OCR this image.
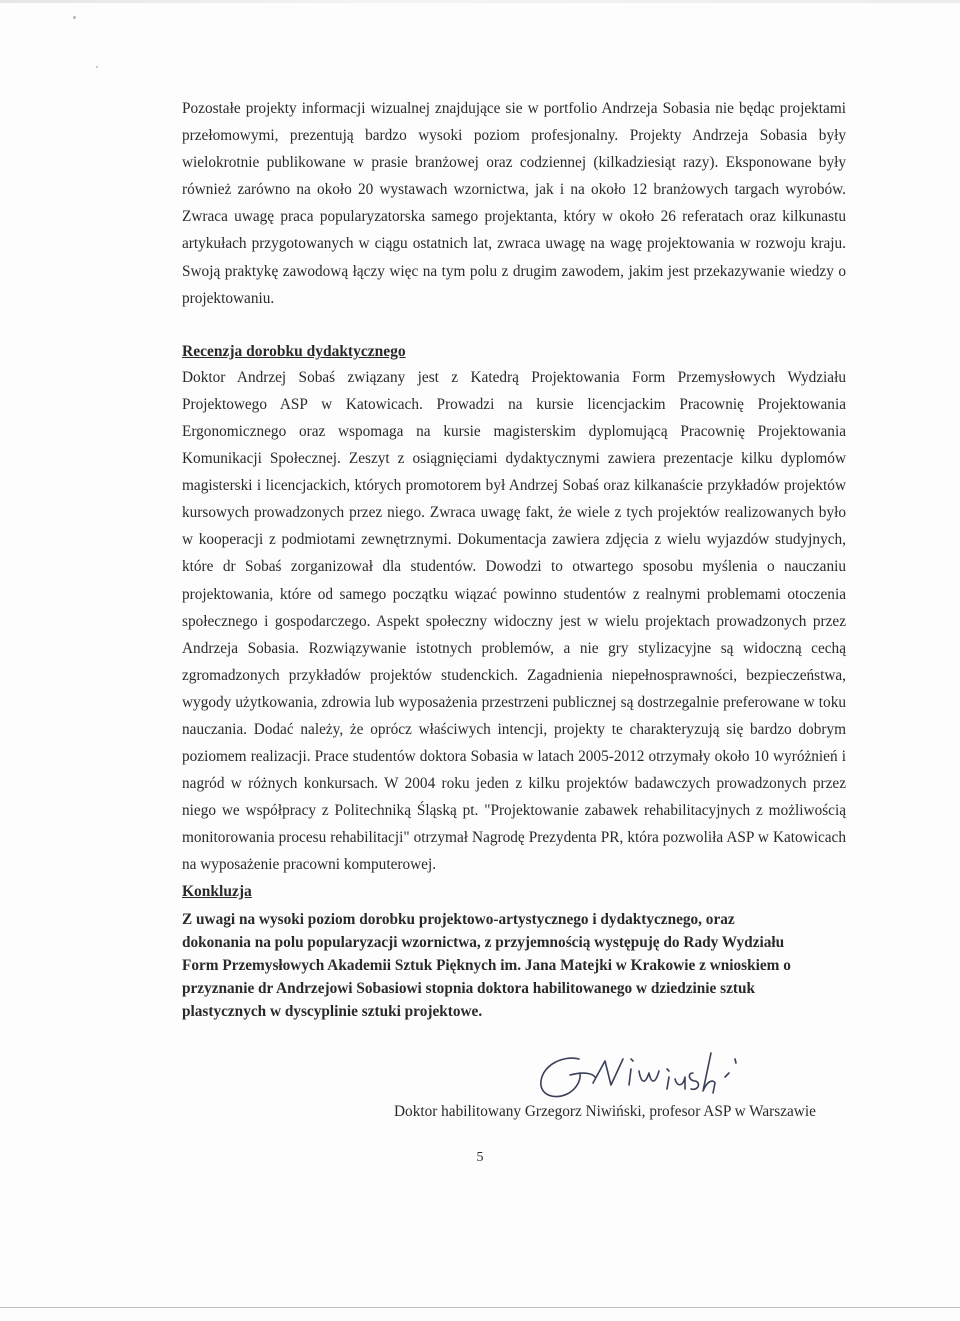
Pozostałe projekty informacji wizualnej znajdujące sie w portfolio Andrzeja Sobasia nie będąc projektami przełomowymi, prezentują bardzo wysoki poziom profesjonalny. Projekty Andrzeja Sobasia były wielokrotnie publikowane w prasie branżowej oraz codziennej (kilkadziesiąt razy). Eksponowane były również zarówno na około 20 wystawach wzornictwa, jak i na około 12 branżowych targach wyrobów. Zwraca uwagę praca popularyzatorska samego projektanta, który w około 26 referatach oraz kilkunastu artykułach przygotowanych w ciągu ostatnich lat, zwraca uwagę na wagę projektowania w rozwoju kraju. Swoją praktykę zawodową łączy więc na tym polu z drugim zawodem, jakim jest przekazywanie wiedzy o projektowaniu.

Recenzja dorobku dydaktycznego

Doktor Andrzej Sobaś związany jest z Katedrą Projektowania Form Przemysłowych Wydziału Projektowego ASP w Katowicach. Prowadzi na kursie licencjackim Pracownię Projektowania Ergonomicznego oraz wspomaga na kursie magisterskim dyplomującą Pracownię Projektowania Komunikacji Społecznej. Zeszyt z osiągnięciami dydaktycznymi zawiera prezentacje kilku dyplomów magisterski i licencjackich, których promotorem był Andrzej Sobaś oraz kilkanaście przykładów projektów kursowych prowadzonych przez niego. Zwraca uwagę fakt, że wiele z tych projektów realizowanych było w kooperacji z podmiotami zewnętrznymi. Dokumentacja zawiera zdjęcia z wielu wyjazdów studyjnych, które dr Sobaś zorganizował dla studentów. Dowodzi to otwartego sposobu myślenia o nauczaniu projektowania, które od samego początku wiązać powinno studentów z realnymi problemami otoczenia społecznego i gospodarczego. Aspekt społeczny widoczny jest w wielu projektach prowadzonych przez Andrzeja Sobasia. Rozwiązywanie istotnych problemów, a nie gry stylizacyjne są widoczną cechą zgromadzonych przykładów projektów studenckich. Zagadnienia niepełnosprawności, bezpieczeństwa, wygody użytkowania, zdrowia lub wyposażenia przestrzeni publicznej są dostrzegalnie preferowane w toku nauczania. Dodać należy, że oprócz właściwych intencji, projekty te charakteryzują się bardzo dobrym poziomem realizacji. Prace studentów doktora Sobasia w latach 2005-2012 otrzymały około 10 wyróżnień i nagród w różnych konkursach. W 2004 roku jeden z kilku projektów badawczych prowadzonych przez niego we współpracy z Politechniką Śląską pt. "Projektowanie zabawek rehabilitacyjnych z możliwością monitorowania procesu rehabilitacji" otrzymał Nagrodę Prezydenta PR, która pozwoliła ASP w Katowicach na wyposażenie pracowni komputerowej.

Konkluzja

Z uwagi na wysoki poziom dorobku projektowo-artystycznego i dydaktycznego, oraz dokonania na polu popularyzacji wzornictwa, z przyjemnością występuję do Rady Wydziału Form Przemysłowych Akademii Sztuk Pięknych im. Jana Matejki w Krakowie z wnioskiem o przyznanie dr Andrzejowi Sobasiowi stopnia doktora habilitowanego w dziedzinie sztuk plastycznych w dyscyplinie sztuki projektowe.

Doktor habilitowany Grzegorz Niwiński, profesor ASP w Warszawie
5
